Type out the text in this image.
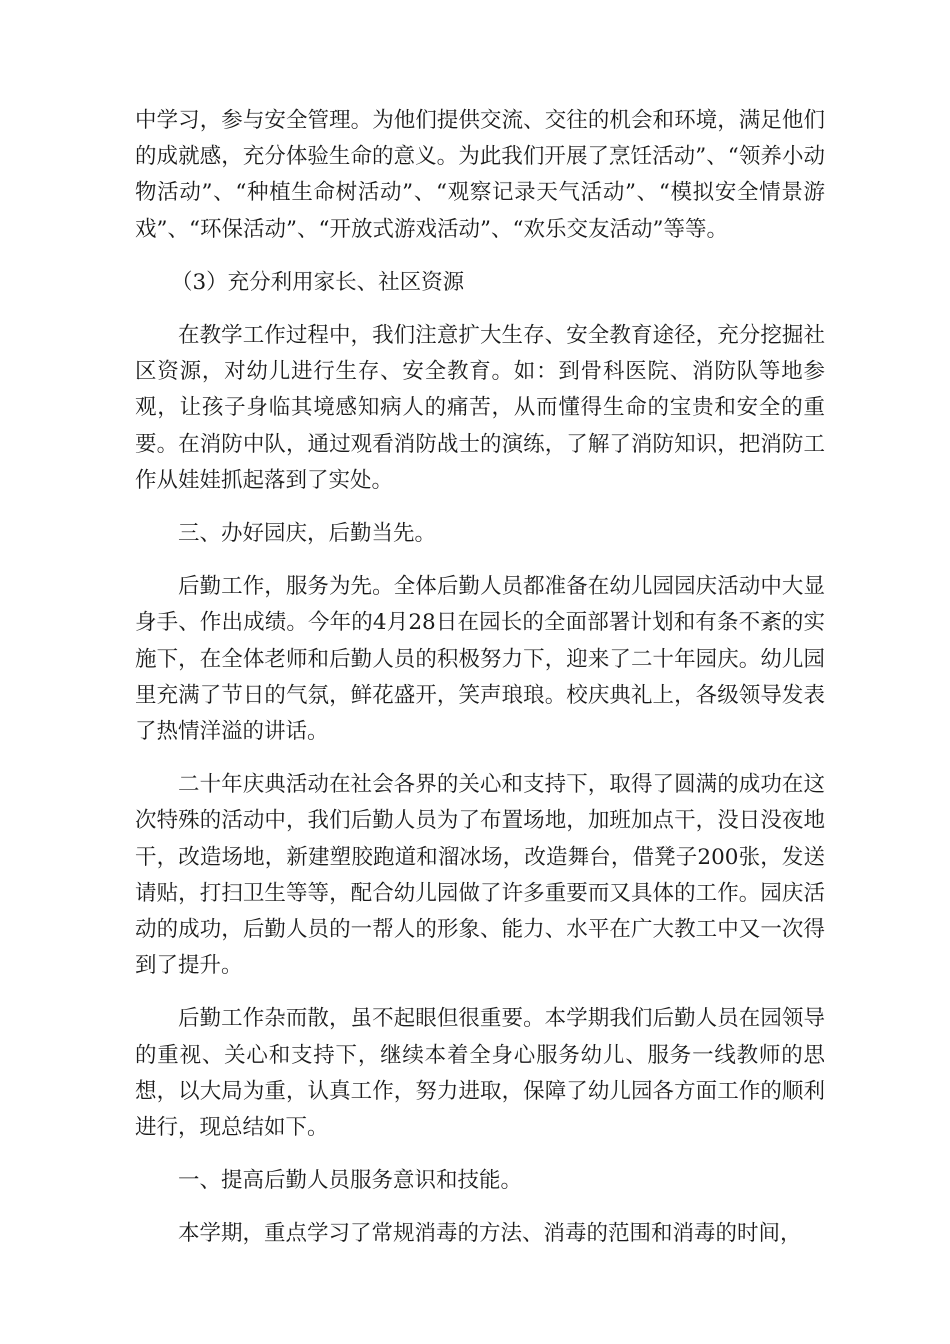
中学习，参与安全管理。为他们提供交流、交往的机会和环境，满足他们的成就感，充分体验生命的意义。为此我们开展了烹饪活动”、“领养小动物活动”、“种植生命树活动”、“观察记录天气活动”、“模拟安全情景游戏”、“环保活动”、“开放式游戏活动”、“欢乐交友活动”等等。

（3）充分利用家长、社区资源

在教学工作过程中，我们注意扩大生存、安全教育途径，充分挖掘社区资源，对幼儿进行生存、安全教育。如：到骨科医院、消防队等地参观，让孩子身临其境感知病人的痛苦，从而懂得生命的宝贵和安全的重要。在消防中队，通过观看消防战士的演练，了解了消防知识，把消防工作从娃娃抓起落到了实处。

三、办好园庆，后勤当先。

后勤工作，服务为先。全体后勤人员都准备在幼儿园园庆活动中大显身手、作出成绩。今年的4月28日在园长的全面部署计划和有条不紊的实施下，在全体老师和后勤人员的积极努力下，迎来了二十年园庆。幼儿园里充满了节日的气氛，鲜花盛开，笑声琅琅。校庆典礼上，各级领导发表了热情洋溢的讲话。

二十年庆典活动在社会各界的关心和支持下，取得了圆满的成功在这次特殊的活动中，我们后勤人员为了布置场地，加班加点干，没日没夜地干，改造场地，新建塑胶跑道和溜冰场，改造舞台，借凳子200张，发送请贴，打扫卫生等等，配合幼儿园做了许多重要而又具体的工作。园庆活动的成功，后勤人员的一帮人的形象、能力、水平在广大教工中又一次得到了提升。

后勤工作杂而散，虽不起眼但很重要。本学期我们后勤人员在园领导的重视、关心和支持下，继续本着全身心服务幼儿、服务一线教师的思想，以大局为重，认真工作，努力进取，保障了幼儿园各方面工作的顺利进行，现总结如下。

一、提高后勤人员服务意识和技能。

本学期，重点学习了常规消毒的方法、消毒的范围和消毒的时间，
